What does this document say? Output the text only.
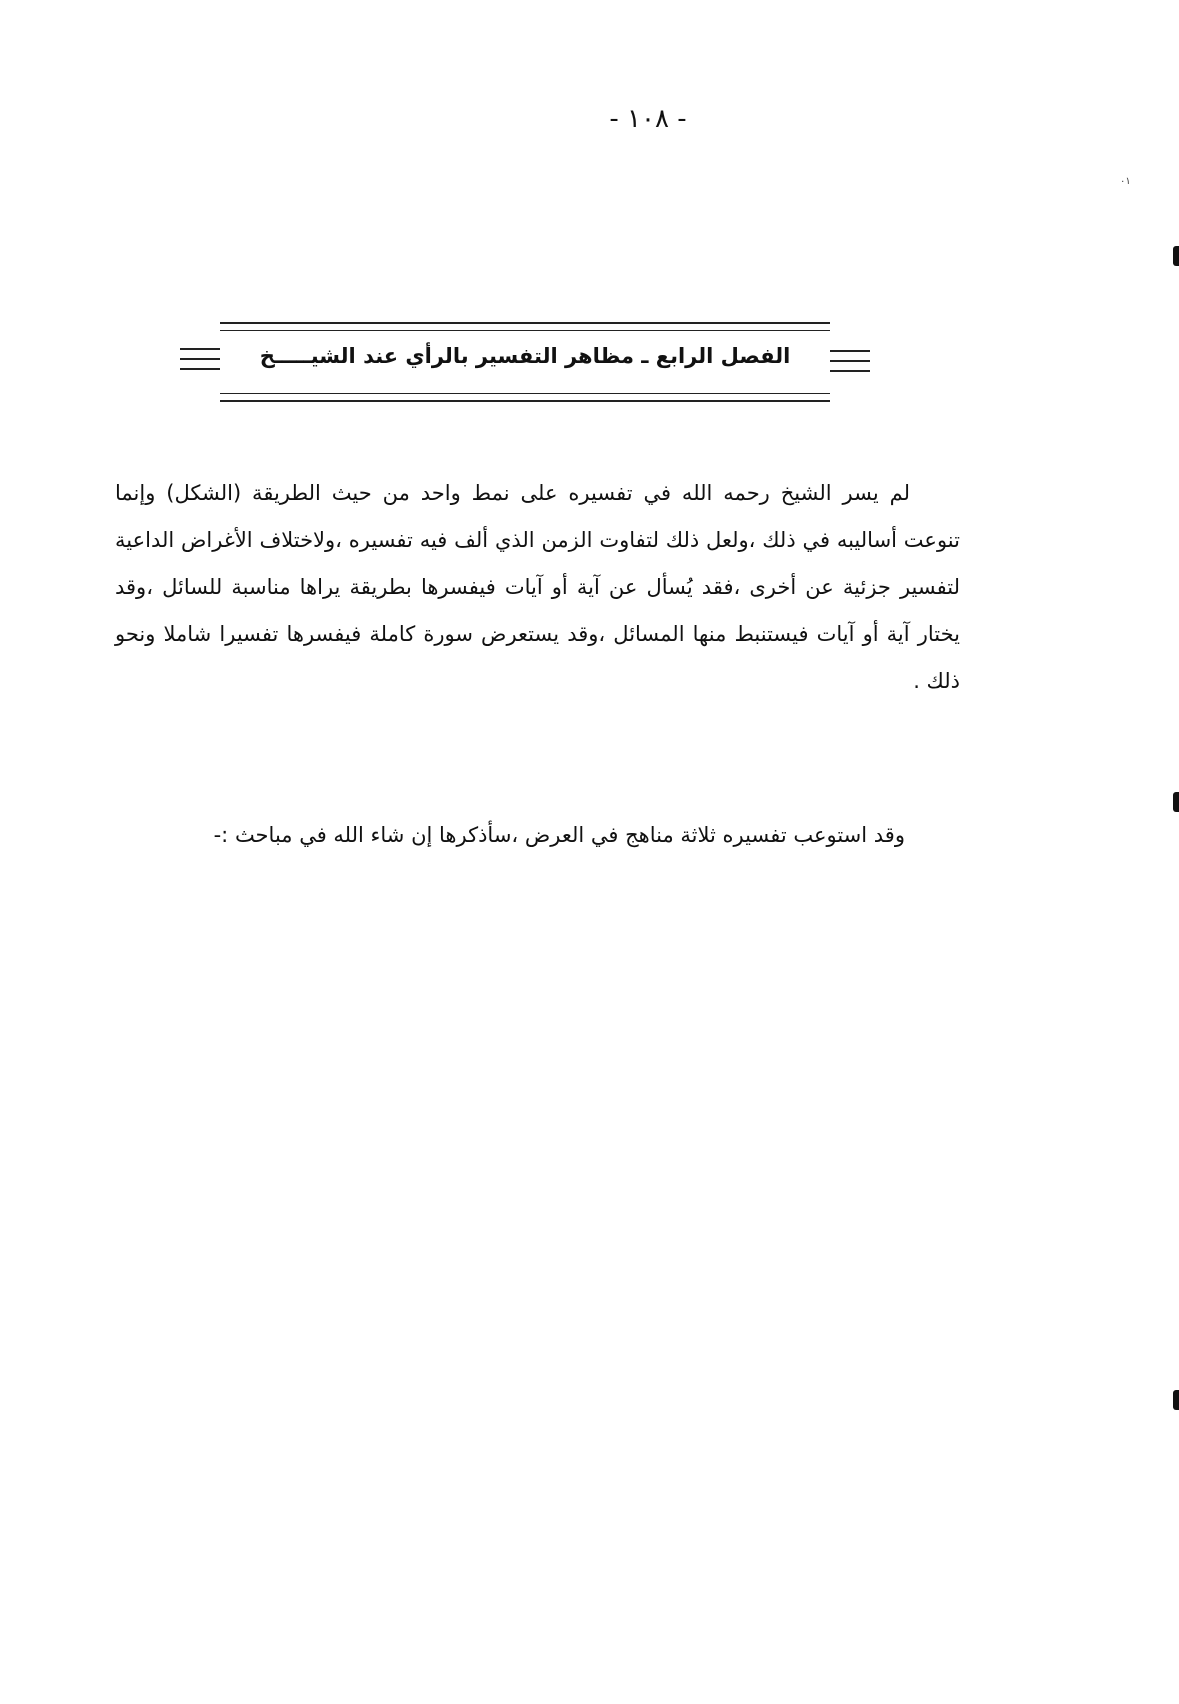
- ١٠٨ -
٠١
الفصل الرابع ـ مظاهر التفسير بالرأي عند الشيـــــخ
لم يسر الشيخ رحمه الله في تفسيره على نمط واحد من حيث الطريقة (الشكل) وإنما تنوعت أساليبه في ذلك ،ولعل ذلك لتفاوت الزمن الذي ألف فيه تفسيره ،ولاختلاف الأغراض الداعية لتفسير جزئية عن أخرى ،فقد يُسأل عن آية أو آيات فيفسرها بطريقة يراها مناسبة للسائل ،وقد يختار آية أو آيات فيستنبط منها المسائل ،وقد يستعرض سورة كاملة فيفسرها تفسيرا شاملا ونحو ذلك .
وقد استوعب تفسيره ثلاثة مناهج في العرض ،سأذكرها إن شاء الله في مباحث :-
